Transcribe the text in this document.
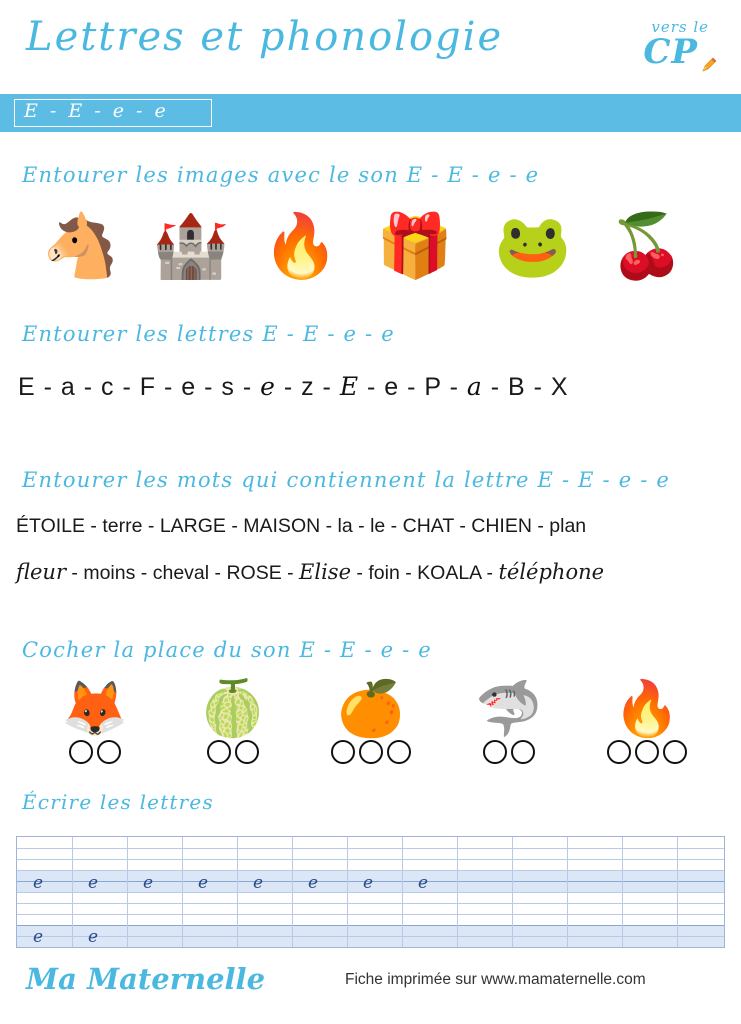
Lettres et phonologie	vers le
CP
E - E - e - e
Entourer les images avec le son E - E - e - e
🐴 🏰 🔥 🎁 🐸 🍒
Entourer les lettres E - E - e - e
E - a - c - F - e - s - e - z - E - e - P - a - B - X
Entourer les mots qui contiennent la lettre E - E - e - e
ÉTOILE - terre - LARGE - MAISON - la - le - CHAT - CHIEN - plan
fleur - moins - cheval - ROSE - Elise - foin - KOALA - téléphone
Cocher la place du son E - E - e - e
🦊	🍈	🍊	🦈	🔥
Écrire les lettres
e	e	e	e	e	e	e	e
e	e
Ma Maternelle	Fiche imprimée sur www.mamaternelle.com
